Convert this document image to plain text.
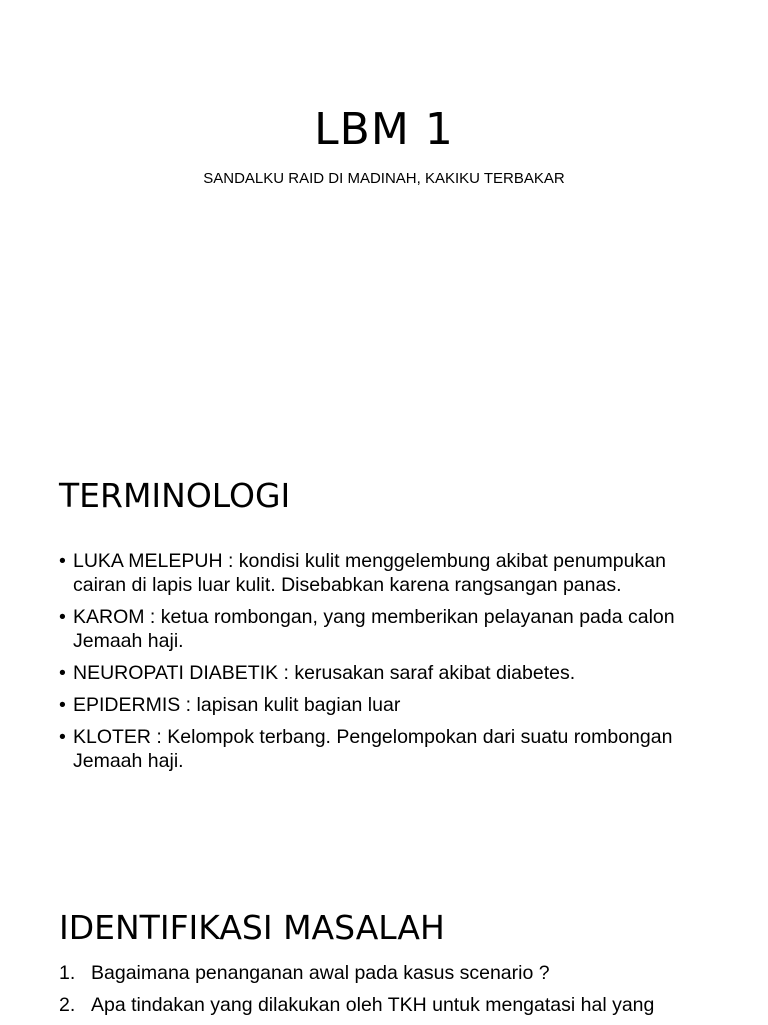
LBM 1
SANDALKU RAID DI MADINAH, KAKIKU TERBAKAR
TERMINOLOGI
• LUKA MELEPUH : kondisi kulit menggelembung akibat penumpukan cairan di lapis luar kulit. Disebabkan karena rangsangan panas.
• KAROM : ketua rombongan, yang memberikan pelayanan pada calon Jemaah haji.
• NEUROPATI DIABETIK : kerusakan saraf akibat diabetes.
• EPIDERMIS : lapisan kulit bagian luar
• KLOTER : Kelompok terbang. Pengelompokan dari suatu rombongan Jemaah haji.
IDENTIFIKASI MASALAH
1. Bagaimana penanganan awal pada kasus scenario ?
2. Apa tindakan yang dilakukan oleh TKH untuk mengatasi hal yang
